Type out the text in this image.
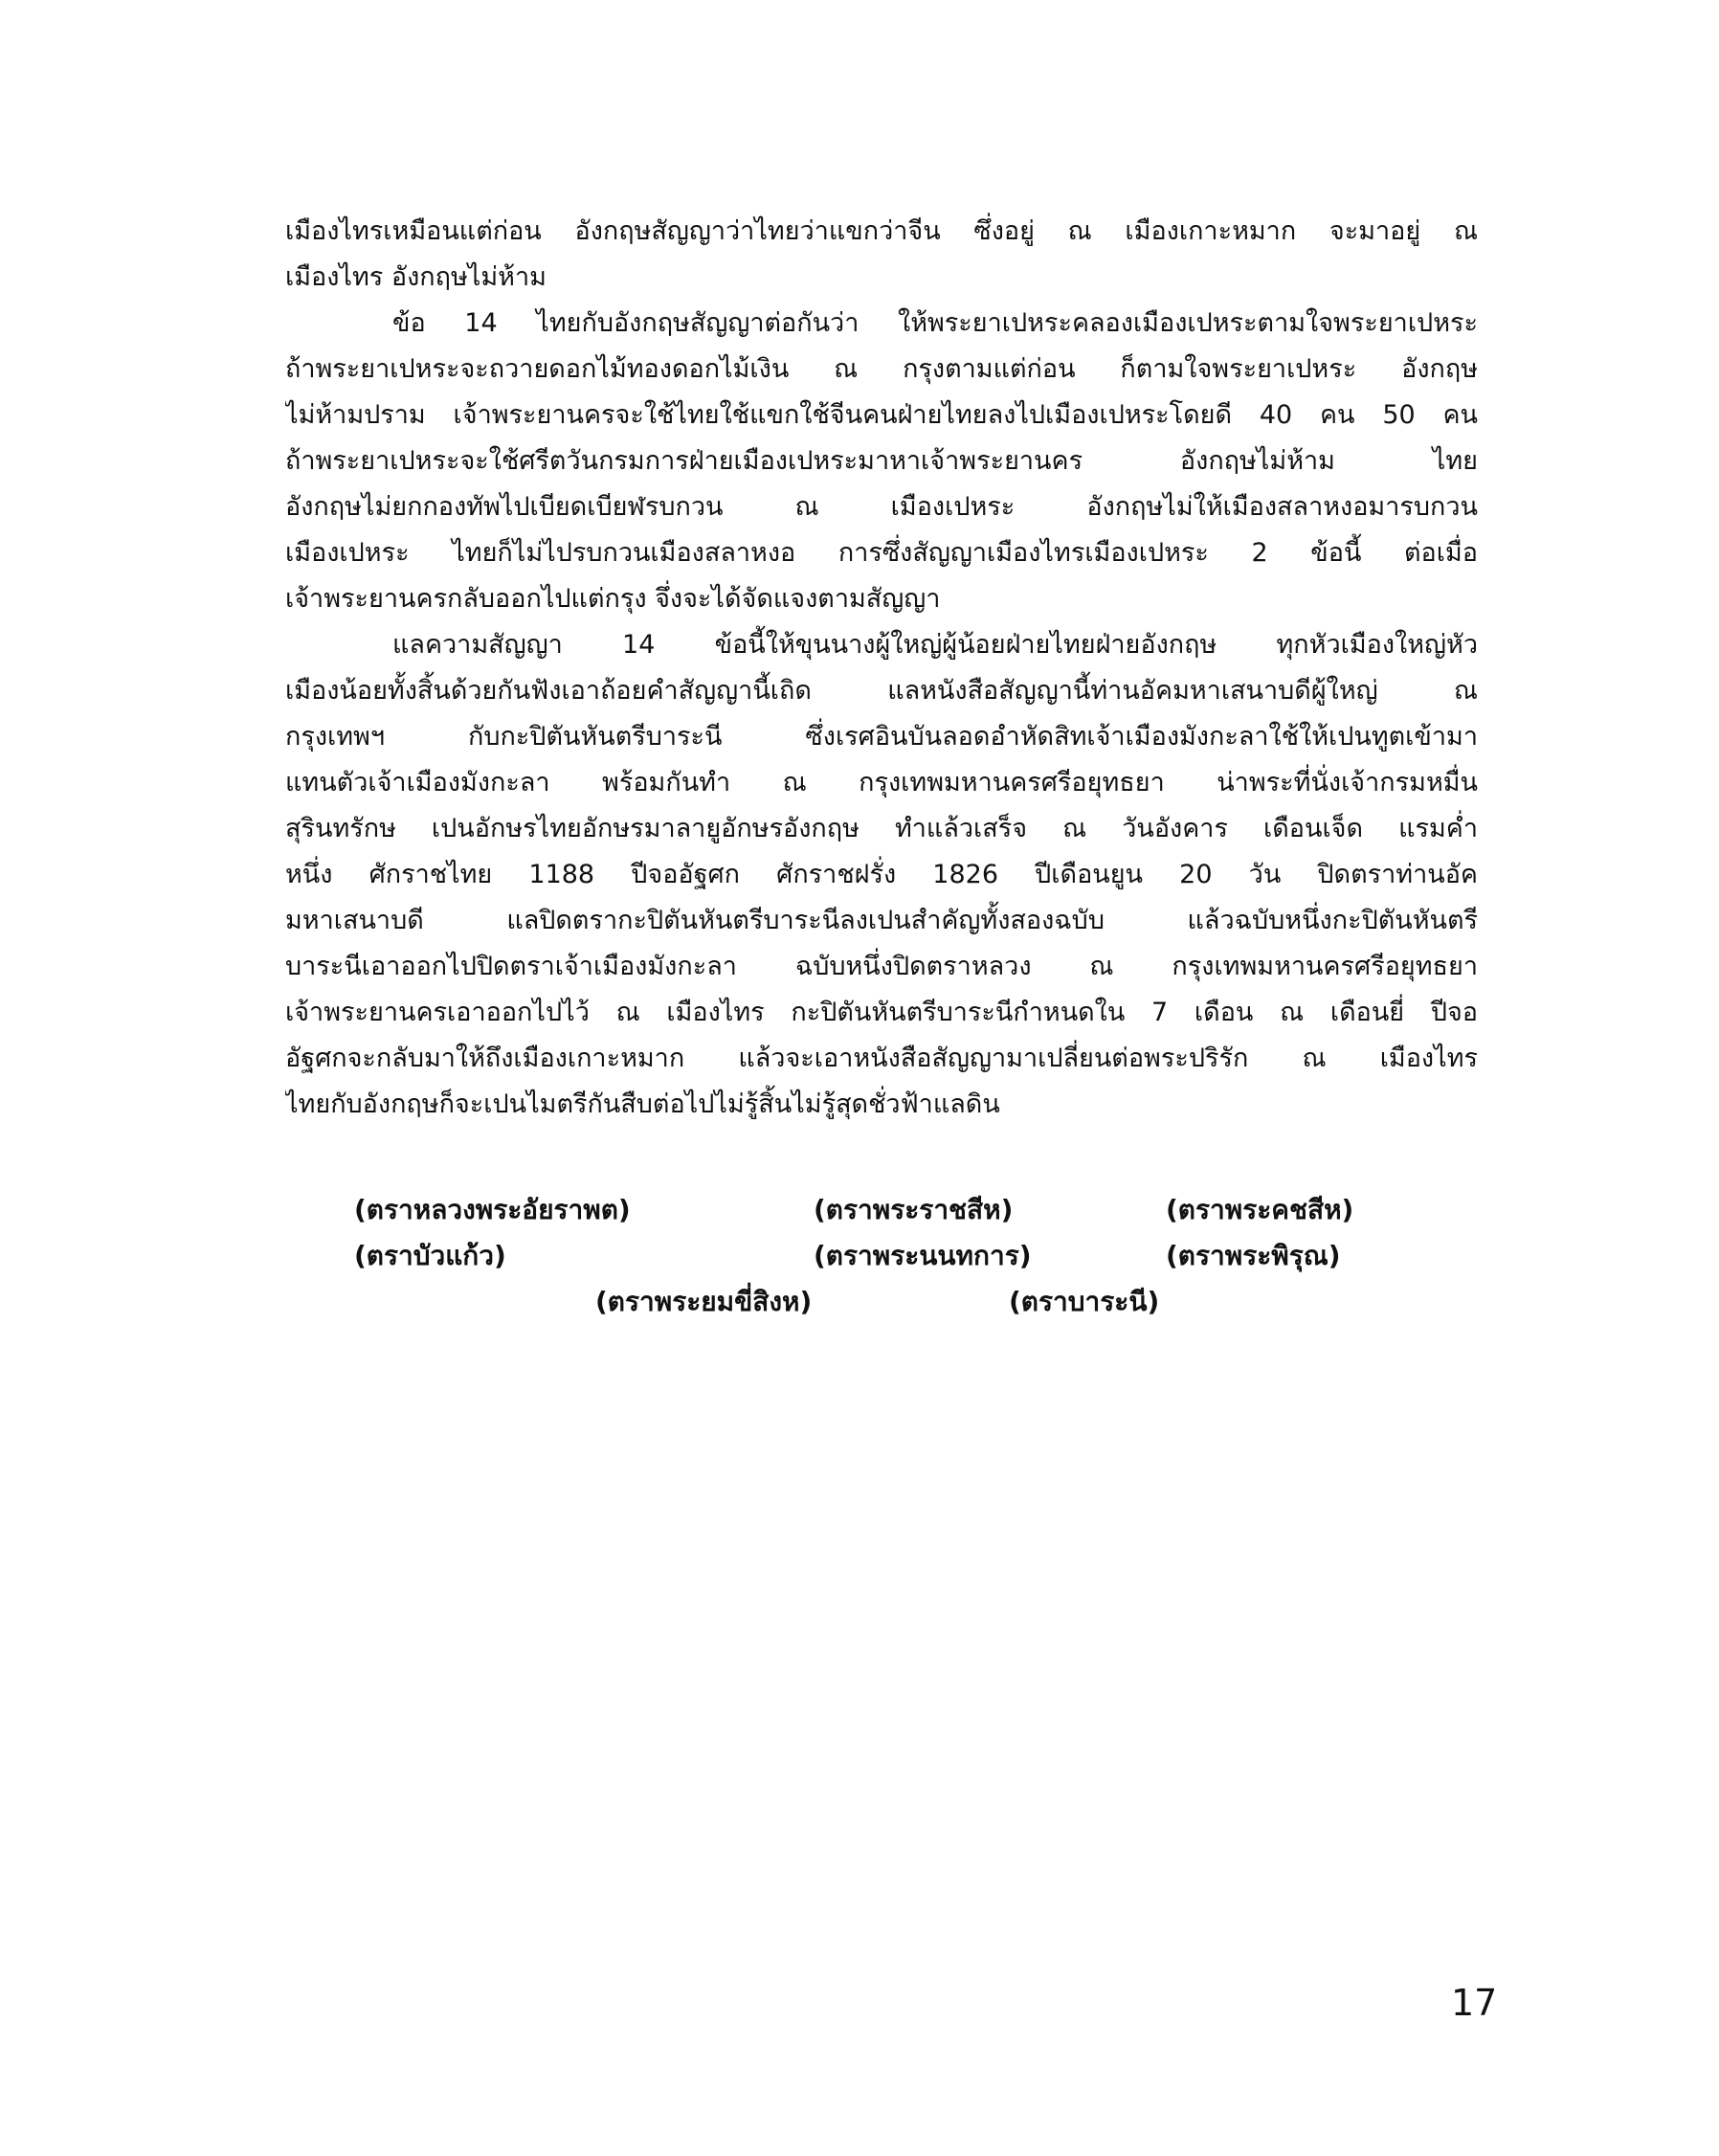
เมืองไทรเหมือนแต่ก่อน อังกฤษสัญญาว่าไทยว่าแขกว่าจีน ซึ่งอยู่ ณ เมืองเกาะหมาก จะมาอยู่ ณ
เมืองไทร อังกฤษไม่ห้าม
ข้อ 14 ไทยกับอังกฤษสัญญาต่อกันว่า ให้พระยาเปหระคลองเมืองเปหระตามใจพระยาเปหระ
ถ้าพระยาเปหระจะถวายดอกไม้ทองดอกไม้เงิน ณ กรุงตามแต่ก่อน ก็ตามใจพระยาเปหระ อังกฤษ
ไม่ห้ามปราม เจ้าพระยานครจะใช้ไทยใช้แขกใช้จีนคนฝ่ายไทยลงไปเมืองเปหระโดยดี 40 คน 50 คน
ถ้าพระยาเปหระจะใช้ศรีตวันกรมการฝ่ายเมืองเปหระมาหาเจ้าพระยานคร อังกฤษไม่ห้าม ไทย
อังกฤษไม่ยกกองทัพไปเบียดเบียฬรบกวน ณ เมืองเปหระ อังกฤษไม่ให้เมืองสลาหงอมารบกวน
เมืองเปหระ ไทยก็ไม่ไปรบกวนเมืองสลาหงอ การซึ่งสัญญาเมืองไทรเมืองเปหระ 2 ข้อนี้ ต่อเมื่อ
เจ้าพระยานครกลับออกไปแต่กรุง จึ่งจะได้จัดแจงตามสัญญา
แลความสัญญา 14 ข้อนี้ให้ขุนนางผู้ใหญ่ผู้น้อยฝ่ายไทยฝ่ายอังกฤษ ทุกหัวเมืองใหญ่หัว
เมืองน้อยทั้งสิ้นด้วยกันฟังเอาถ้อยคำสัญญานี้เถิด แลหนังสือสัญญานี้ท่านอัคมหาเสนาบดีผู้ใหญ่ ณ
กรุงเทพฯ กับกะปิตันหันตรีบาระนี ซึ่งเรศอินบันลอดอำหัดสิทเจ้าเมืองมังกะลาใช้ให้เปนทูตเข้ามา
แทนตัวเจ้าเมืองมังกะลา พร้อมกันทำ ณ กรุงเทพมหานครศรีอยุทธยา น่าพระที่นั่งเจ้ากรมหมื่น
สุรินทรักษ เปนอักษรไทยอักษรมาลายูอักษรอังกฤษ ทำแล้วเสร็จ ณ วันอังคาร เดือนเจ็ด แรมค่ำ
หนึ่ง ศักราชไทย 1188 ปีจออัฐศก ศักราชฝรั่ง 1826 ปีเดือนยูน 20 วัน ปิดตราท่านอัค
มหาเสนาบดี แลปิดตรากะปิตันหันตรีบาระนีลงเปนสำคัญทั้งสองฉบับ แล้วฉบับหนึ่งกะปิตันหันตรี
บาระนีเอาออกไปปิดตราเจ้าเมืองมังกะลา ฉบับหนึ่งปิดตราหลวง ณ กรุงเทพมหานครศรีอยุทธยา
เจ้าพระยานครเอาออกไปไว้ ณ เมืองไทร กะปิตันหันตรีบาระนีกำหนดใน 7 เดือน ณ เดือนยี่ ปีจอ
อัฐศกจะกลับมาให้ถึงเมืองเกาะหมาก แล้วจะเอาหนังสือสัญญามาเปลี่ยนต่อพระปริรัก ณ เมืองไทร
ไทยกับอังกฤษก็จะเปนไมตรีกันสืบต่อไปไม่รู้สิ้นไม่รู้สุดชั่วฟ้าแลดิน
(ตราหลวงพระอัยราพต)	(ตราพระราชสีห)	(ตราพระคชสีห)
(ตราบัวแก้ว)	(ตราพระนนทการ)	(ตราพระพิรุณ)
(ตราพระยมขี่สิงห)	(ตราบาระนี)
17
